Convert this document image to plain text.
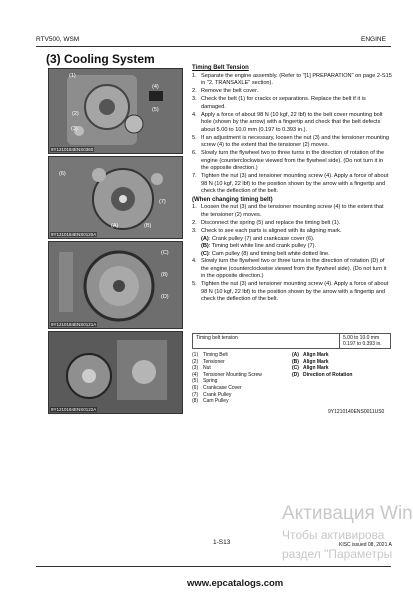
RTV500, WSM	ENGINE
(3) Cooling System
(1)
(4)
(2)
(3)
(5)
9Y1210184ENS0360
(6)
(7)
(A)	(B)
9Y1210184ENS0120A
(C)
(8)
(D)
9Y1210184ENS0121A
9Y1210184ENS0122A
Timing Belt Tension
1. Separate the engine assembly. (Refer to "[1] PREPARATION" on page 2-S15 in "2. TRANSAXLE" section).
2. Remove the belt cover.
3. Check the belt (1) for cracks or separations. Replace the belt if it is damaged.
4. Apply a force of about 98 N (10 kgf, 22 lbf) to the belt cover mounting bolt hole (shown by the arrow) with a fingertip and check that the belt defects about 5.00 to 10.0 mm (0.197 to 0.393 in.).
5. If an adjustment is necessary, loosen the nut (3) and the tensioner mounting screw (4) to the extent that the tensioner (2) moves.
6. Slowly turn the flywheel two to three turns in the direction of rotation of the engine (counterclockwise viewed from the flywheel side). (Do not turn it in the opposite direction.)
7. Tighten the nut (3) and tensioner mounting screw (4). Apply a force of about 98 N (10 kgf, 22 lbf) to the position shown by the arrow with a fingertip and check the deflection of the belt.
(When changing timing belt)
1. Loosen the nut (3) and the tensioner mounting screw (4) to the extent that the tensioner (2) moves.
2. Disconnect the spring (5) and replace the timing belt (1).
3. Check to see each parts is aligned with its aligning mark.
(A): Crank pulley (7) and crankcase cover (6).
(B): Timing belt white line and crank pulley (7).
(C): Cam pulley (8) and timing belt white dotted line.
4. Slowly turn the flywheel two or three turns in the direction of rotation (D) of the engine (counterclockwise viewed from the flywheel side). (Do not turn it in the opposite direction.)
5. Tighten the nut (3) and tensioner mounting screw (4). Apply a force of about 98 N (10 kgf, 22 lbf) to the position shown by the arrow with a fingertip and check the deflection of the belt.
Timing belt tension	5.00 to 10.0 mm
0.197 to 0.393 in.
(1) Timing Belt
(2) Tensioner
(3) Nut
(4) Tensioner Mounting Screw
(5) Spring
(6) Crankcase Cover
(7) Crank Pulley
(8) Cam Pulley
(A) Align Mark
(B) Align Mark
(C) Align Mark
(D) Direction of Rotation
9Y1210140ENS0011US0
Активация Win
Чтобы активирова
раздел "Параметры
1-S13	KISC issued 08, 2021 A
www.epcatalogs.com
